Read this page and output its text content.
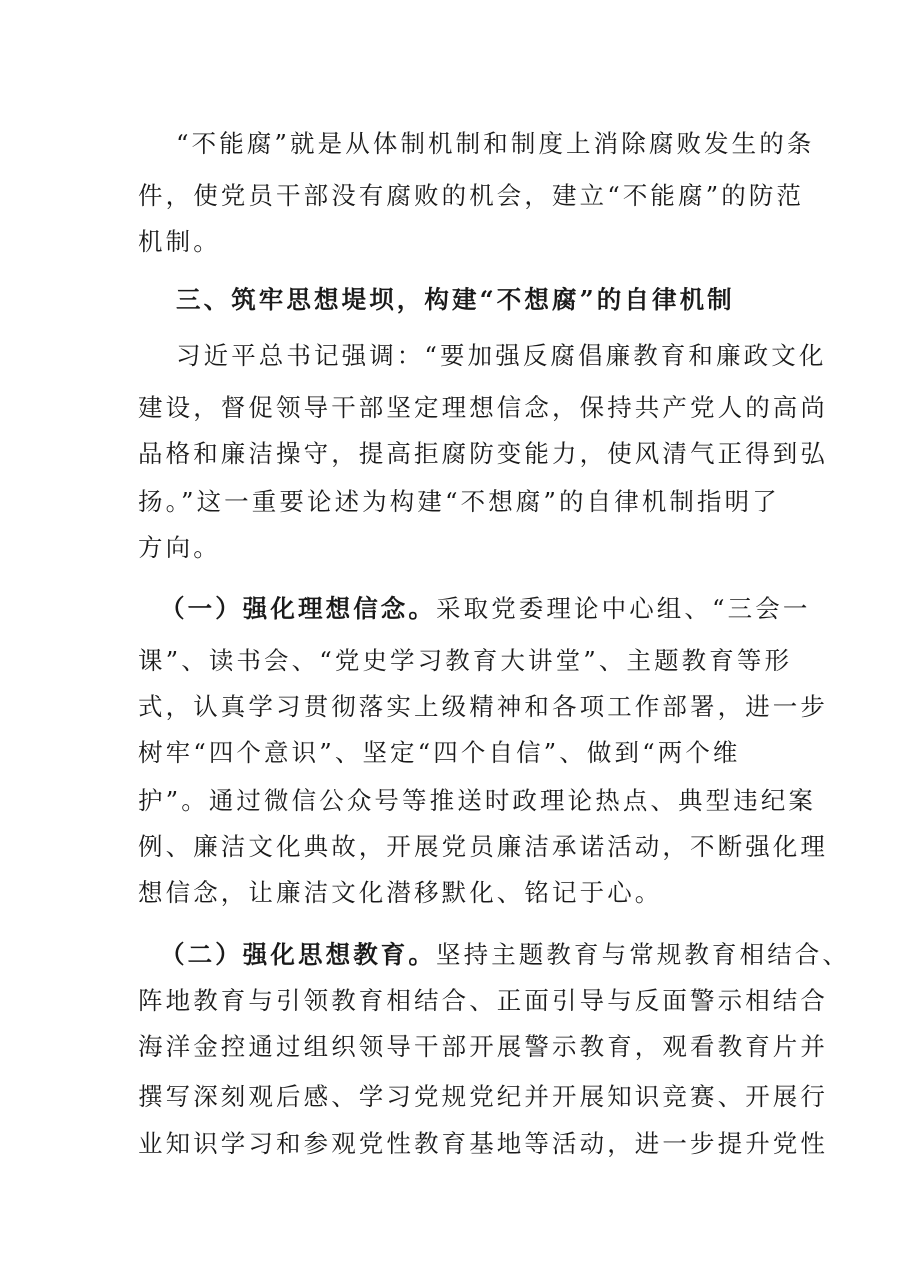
“不能腐”就是从体制机制和制度上消除腐败发生的条
件，使党员干部没有腐败的机会，建立“不能腐”的防范
机制。
三、筑牢思想堤坝，构建“不想腐”的自律机制
习近平总书记强调：“要加强反腐倡廉教育和廉政文化
建设，督促领导干部坚定理想信念，保持共产党人的高尚
品格和廉洁操守，提高拒腐防变能力，使风清气正得到弘
扬。”这一重要论述为构建“不想腐”的自律机制指明了
方向。
（一）强化理想信念。采取党委理论中心组、“三会一
课”、读书会、“党史学习教育大讲堂”、主题教育等形
式，认真学习贯彻落实上级精神和各项工作部署，进一步
树牢“四个意识”、坚定“四个自信”、做到“两个维
护”。通过微信公众号等推送时政理论热点、典型违纪案
例、廉洁文化典故，开展党员廉洁承诺活动，不断强化理
想信念，让廉洁文化潜移默化、铭记于心。
（二）强化思想教育。坚持主题教育与常规教育相结合、
阵地教育与引领教育相结合、正面引导与反面警示相结合
海洋金控通过组织领导干部开展警示教育，观看教育片并
撰写深刻观后感、学习党规党纪并开展知识竞赛、开展行
业知识学习和参观党性教育基地等活动，进一步提升党性
